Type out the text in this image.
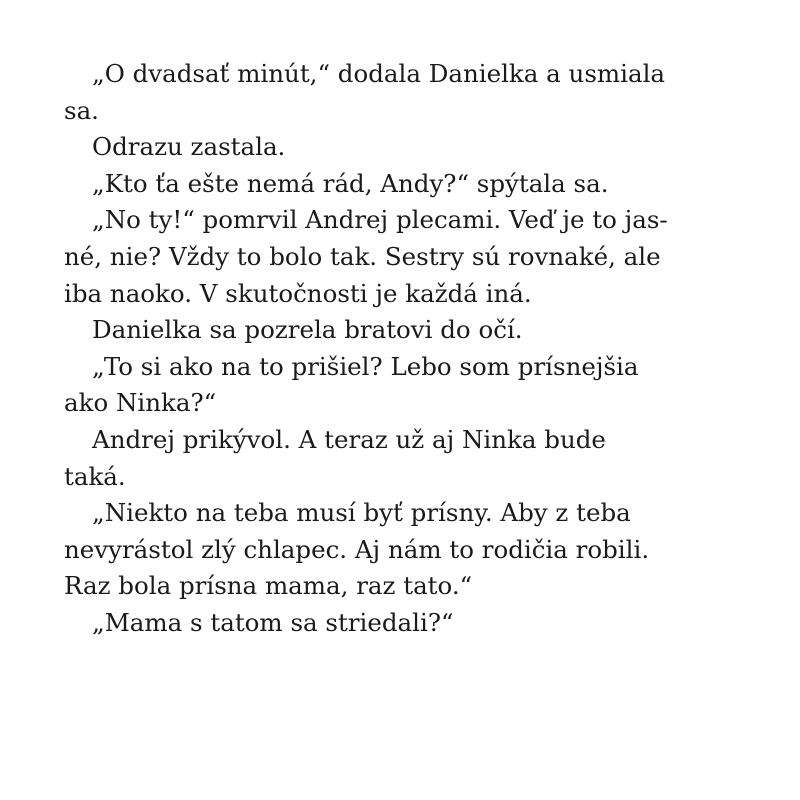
„O dvadsať minút,“ dodala Danielka a usmiala
sa.
Odrazu zastala.
„Kto ťa ešte nemá rád, Andy?“ spýtala sa.
„No ty!“ pomrvil Andrej plecami. Veď je to jas-
né, nie? Vždy to bolo tak. Sestry sú rovnaké, ale
iba naoko. V skutočnosti je každá iná.
Danielka sa pozrela bratovi do očí.
„To si ako na to prišiel? Lebo som prísnejšia
ako Ninka?“
Andrej prikývol. A teraz už aj Ninka bude
taká.
„Niekto na teba musí byť prísny. Aby z teba
nevyrástol zlý chlapec. Aj nám to rodičia robili.
Raz bola prísna mama, raz tato.“
„Mama s tatom sa striedali?“
